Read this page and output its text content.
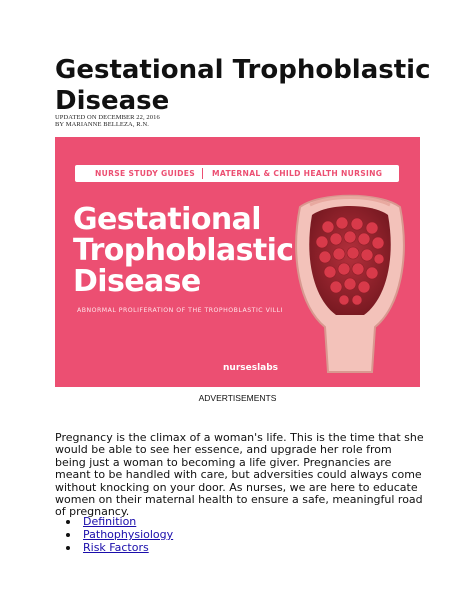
Gestational Trophoblastic
Disease
UPDATED ON DECEMBER 22, 2016
BY MARIANNE BELLEZA, R.N.
NURSE STUDY GUIDES MATERNAL & CHILD HEALTH NURSING
Gestational
Trophoblastic
Disease
ABNORMAL PROLIFERATION OF THE TROPHOBLASTIC VILLI
nurseslabs
ADVERTISEMENTS

Pregnancy is the climax of a woman's life. This is the time that she would be able to see her essence, and upgrade her role from being just a woman to becoming a life giver. Pregnancies are meant to be handled with care, but adversities could always come without knocking on your door. As nurses, we are here to educate women on their maternal health to ensure a safe, meaningful road of pregnancy.

Definition
Pathophysiology
Risk Factors
